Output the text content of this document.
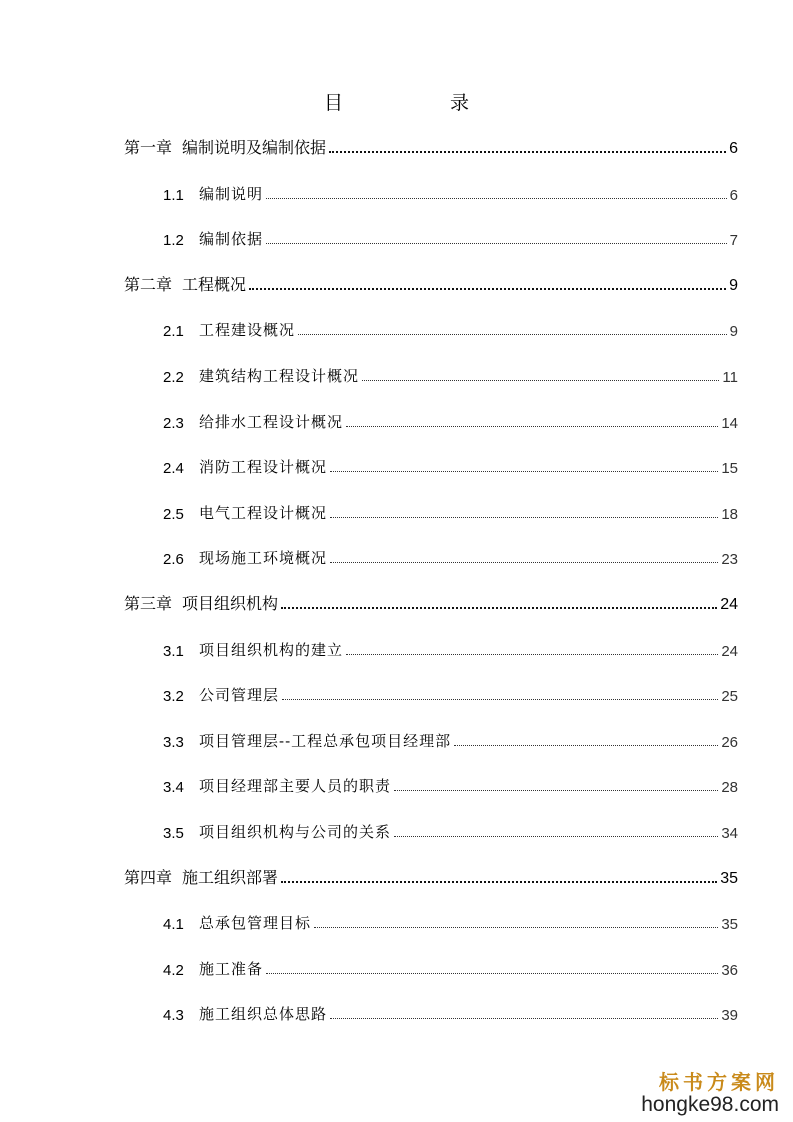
目　录
第一章 编制说明及编制依据	6
1.1	编制说明	6
1.2	编制依据	7
第二章 工程概况	9
2.1	工程建设概况	9
2.2	建筑结构工程设计概况	11
2.3	给排水工程设计概况	14
2.4	消防工程设计概况	15
2.5	电气工程设计概况	18
2.6	现场施工环境概况	23
第三章 项目组织机构	24
3.1	项目组织机构的建立	24
3.2	公司管理层	25
3.3	项目管理层--工程总承包项目经理部	26
3.4	项目经理部主要人员的职责	28
3.5	项目组织机构与公司的关系	34
第四章 施工组织部署	35
4.1	总承包管理目标	35
4.2	施工准备	36
4.3	施工组织总体思路	39
标书方案网
hongke98.com
